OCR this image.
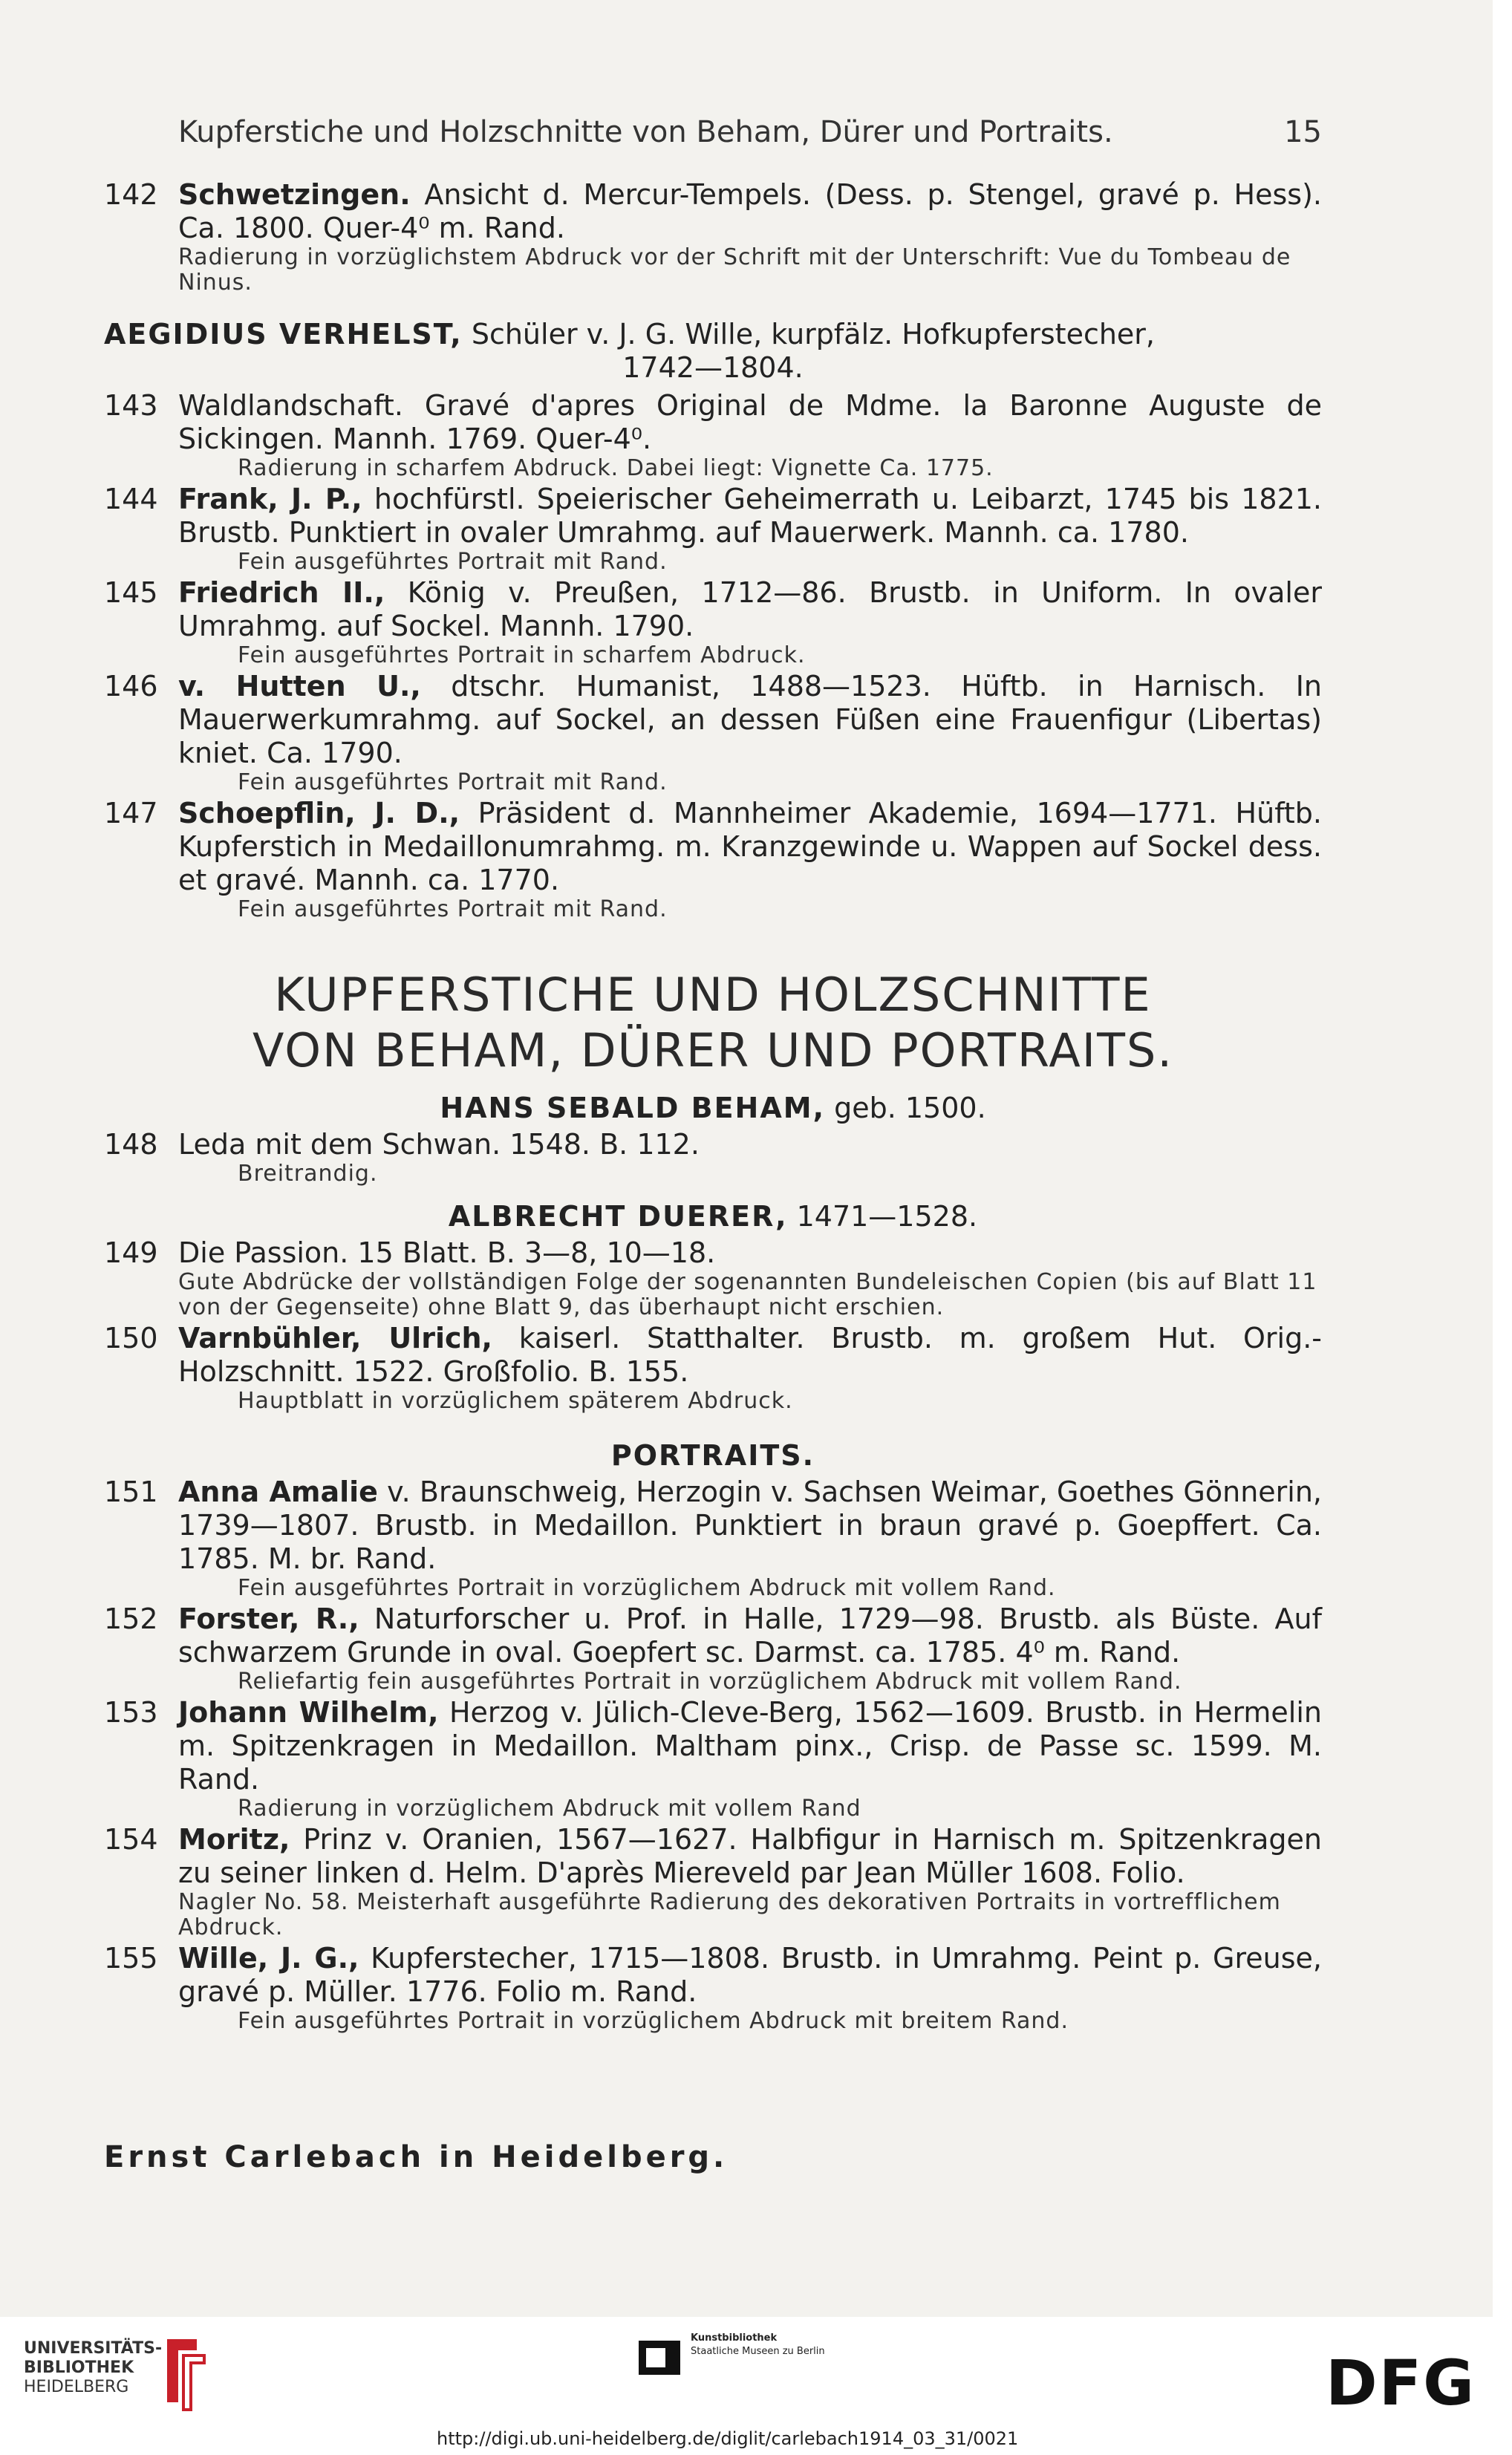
Kupferstiche und Holzschnitte von Beham, Dürer und Portraits.	15
142 Schwetzingen. Ansicht d. Mercur-Tempels. (Dess. p. Stengel, gravé p. Hess). Ca. 1800. Quer-4⁰ m. Rand.
Radierung in vorzüglichstem Abdruck vor der Schrift mit der Unterschrift: Vue du Tombeau de Ninus.
AEGIDIUS VERHELST, Schüler v. J. G. Wille, kurpfälz. Hofkupferstecher,
1742—1804.
143 Waldlandschaft. Gravé d'apres Original de Mdme. la Baronne Auguste de Sickingen. Mannh. 1769. Quer-4⁰.
Radierung in scharfem Abdruck. Dabei liegt: Vignette Ca. 1775.
144 Frank, J. P., hochfürstl. Speierischer Geheimerrath u. Leibarzt, 1745 bis 1821. Brustb. Punktiert in ovaler Umrahmg. auf Mauerwerk. Mannh. ca. 1780.
Fein ausgeführtes Portrait mit Rand.
145 Friedrich II., König v. Preußen, 1712—86. Brustb. in Uniform. In ovaler Umrahmg. auf Sockel. Mannh. 1790.
Fein ausgeführtes Portrait in scharfem Abdruck.
146 v. Hutten U., dtschr. Humanist, 1488—1523. Hüftb. in Harnisch. In Mauerwerkumrahmg. auf Sockel, an dessen Füßen eine Frauenfigur (Libertas) kniet. Ca. 1790.
Fein ausgeführtes Portrait mit Rand.
147 Schoepflin, J. D., Präsident d. Mannheimer Akademie, 1694—1771. Hüftb. Kupferstich in Medaillonumrahmg. m. Kranzgewinde u. Wappen auf Sockel dess. et gravé. Mannh. ca. 1770.
Fein ausgeführtes Portrait mit Rand.
KUPFERSTICHE UND HOLZSCHNITTE
VON BEHAM, DÜRER UND PORTRAITS.
HANS SEBALD BEHAM, geb. 1500.
148 Leda mit dem Schwan. 1548. B. 112.
Breitrandig.
ALBRECHT DUERER, 1471—1528.
149 Die Passion. 15 Blatt. B. 3—8, 10—18.
Gute Abdrücke der vollständigen Folge der sogenannten Bundeleischen Copien (bis auf Blatt 11 von der Gegenseite) ohne Blatt 9, das überhaupt nicht erschien.
150 Varnbühler, Ulrich, kaiserl. Statthalter. Brustb. m. großem Hut. Orig.-Holzschnitt. 1522. Großfolio. B. 155.
Hauptblatt in vorzüglichem späterem Abdruck.
PORTRAITS.
151 Anna Amalie v. Braunschweig, Herzogin v. Sachsen Weimar, Goethes Gönnerin, 1739—1807. Brustb. in Medaillon. Punktiert in braun gravé p. Goepffert. Ca. 1785. M. br. Rand.
Fein ausgeführtes Portrait in vorzüglichem Abdruck mit vollem Rand.
152 Forster, R., Naturforscher u. Prof. in Halle, 1729—98. Brustb. als Büste. Auf schwarzem Grunde in oval. Goepfert sc. Darmst. ca. 1785. 4⁰ m. Rand.
Reliefartig fein ausgeführtes Portrait in vorzüglichem Abdruck mit vollem Rand.
153 Johann Wilhelm, Herzog v. Jülich-Cleve-Berg, 1562—1609. Brustb. in Hermelin m. Spitzenkragen in Medaillon. Maltham pinx., Crisp. de Passe sc. 1599. M. Rand.
Radierung in vorzüglichem Abdruck mit vollem Rand
154 Moritz, Prinz v. Oranien, 1567—1627. Halbfigur in Harnisch m. Spitzenkragen zu seiner linken d. Helm. D'après Miereveld par Jean Müller 1608. Folio.
Nagler No. 58. Meisterhaft ausgeführte Radierung des dekorativen Portraits in vortrefflichem Abdruck.
155 Wille, J. G., Kupferstecher, 1715—1808. Brustb. in Umrahmg. Peint p. Greuse, gravé p. Müller. 1776. Folio m. Rand.
Fein ausgeführtes Portrait in vorzüglichem Abdruck mit breitem Rand.
Ernst Carlebach in Heidelberg.
UNIVERSITÄTS-
BIBLIOTHEK
HEIDELBERG
Kunstbibliothek
Staatliche Museen zu Berlin	DFG
http://digi.ub.uni-heidelberg.de/diglit/carlebach1914_03_31/0021
